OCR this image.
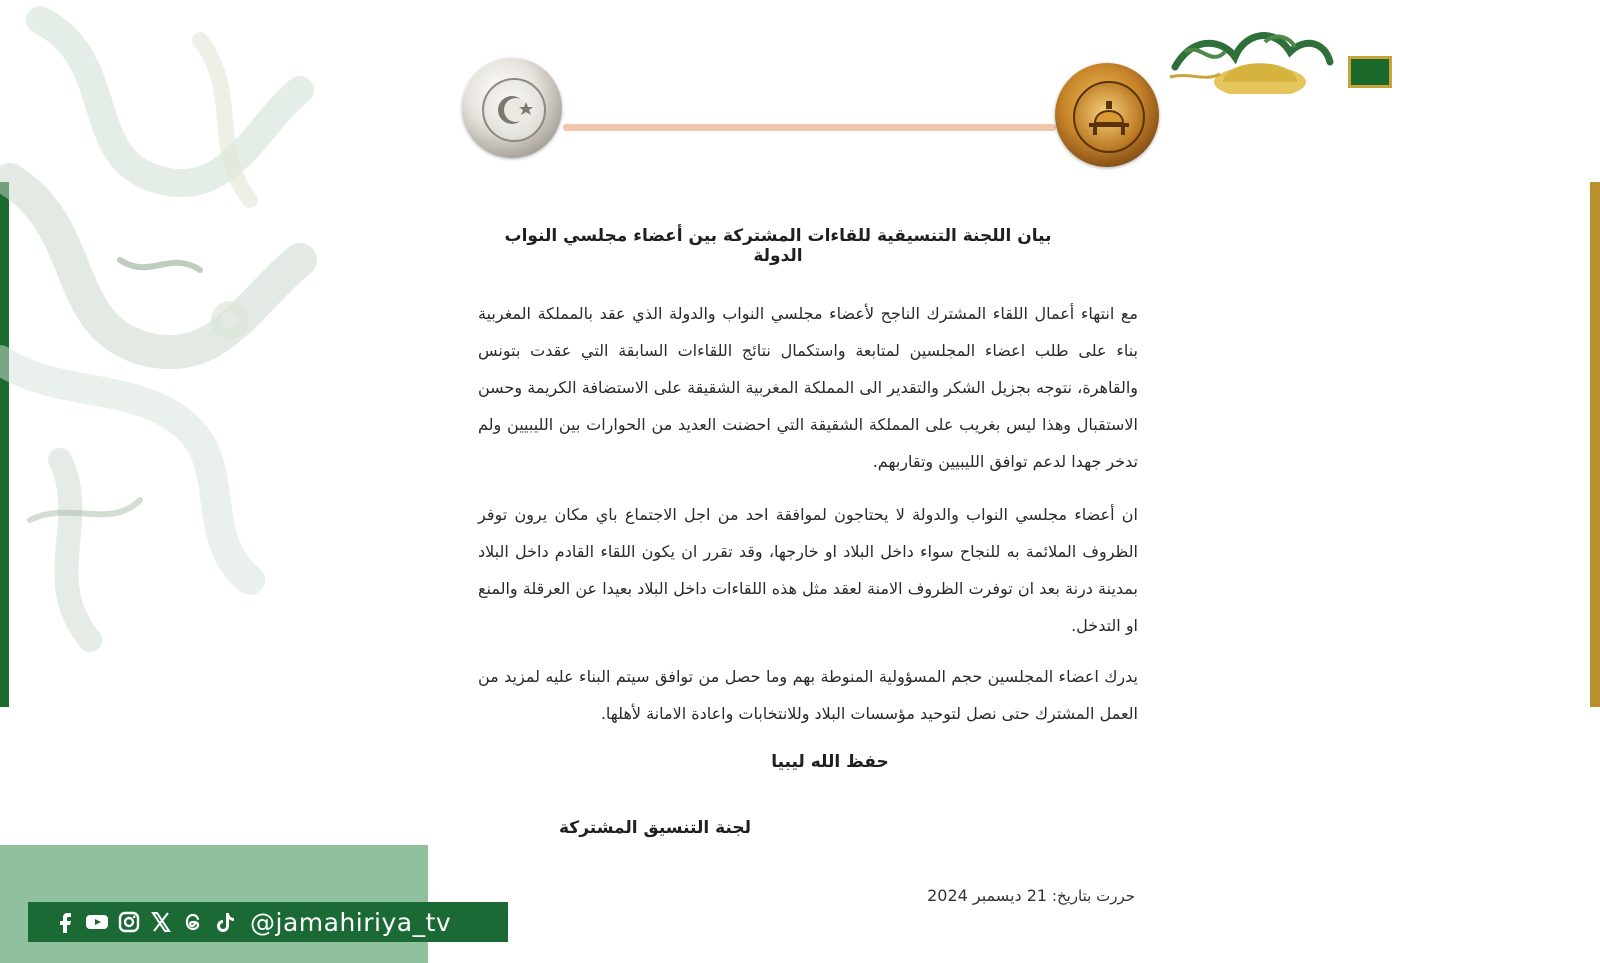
بيان اللجنة التنسيقية للقاءات المشتركة بين أعضاء مجلسي النواب الدولة
مع انتهاء أعمال اللقاء المشترك الناجح لأعضاء مجلسي النواب والدولة الذي عقد بالمملكة المغربية بناء على طلب اعضاء المجلسين لمتابعة واستكمال نتائج اللقاءات السابقة التي عقدت بتونس والقاهرة، نتوجه بجزيل الشكر والتقدير الى المملكة المغربية الشقيقة على الاستضافة الكريمة وحسن الاستقبال وهذا ليس بغريب على المملكة الشقيقة التي احضنت العديد من الحوارات بين الليبيين ولم تدخر جهدا لدعم توافق الليبيين وتقاربهم.
ان أعضاء مجلسي النواب والدولة لا يحتاجون لموافقة احد من اجل الاجتماع باي مكان يرون توفر الظروف الملائمة به للنجاح سواء داخل البلاد او خارجها، وقد تقرر ان يكون اللقاء القادم داخل البلاد بمدينة درنة بعد ان توفرت الظروف الامنة لعقد مثل هذه اللقاءات داخل البلاد بعيدا عن العرقلة والمنع او التدخل.
يدرك اعضاء المجلسين حجم المسؤولية المنوطة بهم وما حصل من توافق سيتم البناء عليه لمزيد من العمل المشترك حتى نصل لتوحيد مؤسسات البلاد وللانتخابات واعادة الامانة لأهلها.
حفظ الله ليبيا
لجنة التنسيق المشتركة
حررت بتاريخ: 21 ديسمبر 2024
@jamahiriya_tv
